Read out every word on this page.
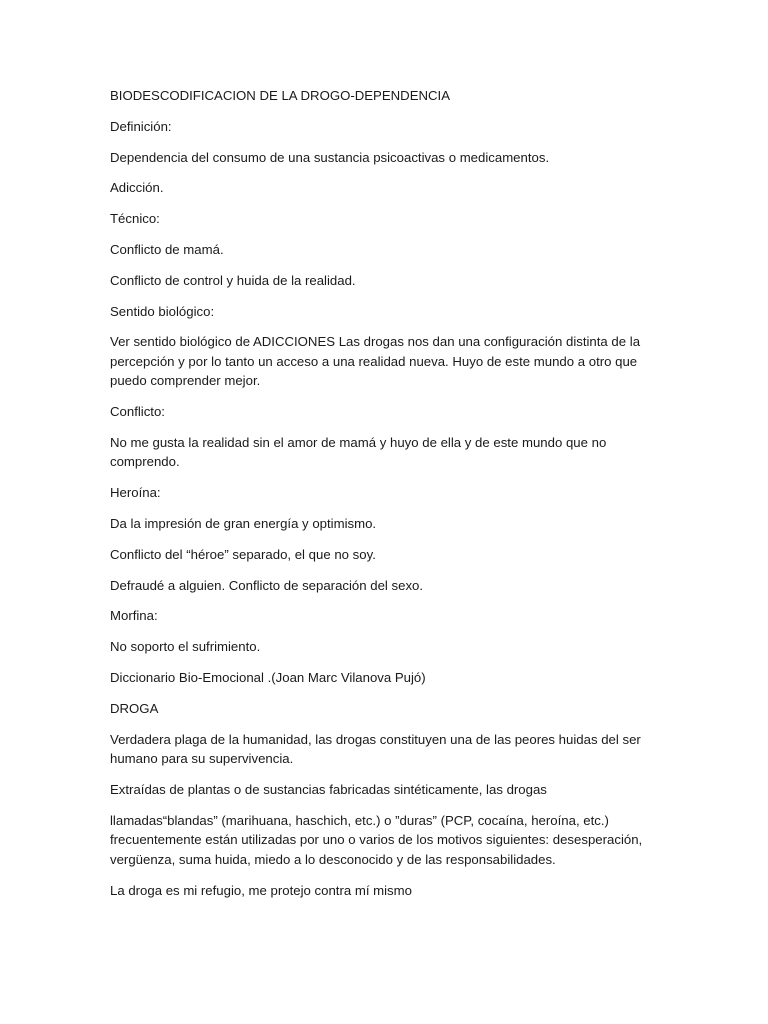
BIODESCODIFICACION DE LA DROGO-DEPENDENCIA

Definición:

Dependencia del consumo de una sustancia psicoactivas o medicamentos.

Adicción.

Técnico:

Conflicto de mamá.

Conflicto de control y huida de la realidad.

Sentido biológico:

Ver sentido biológico de ADICCIONES Las drogas nos dan una configuración distinta de la percepción y por lo tanto un acceso a una realidad nueva. Huyo de este mundo a otro que puedo comprender mejor.

Conflicto:

No me gusta la realidad sin el amor de mamá y huyo de ella y de este mundo que no comprendo.

Heroína:

Da la impresión de gran energía y optimismo.

Conflicto del “héroe” separado, el que no soy.

Defraudé a alguien. Conflicto de separación del sexo.

Morfina:

No soporto el sufrimiento.

Diccionario Bio-Emocional .(Joan Marc Vilanova Pujó)

DROGA

Verdadera plaga de la humanidad, las drogas constituyen una de las peores huidas del ser humano para su supervivencia.

Extraídas de plantas o de sustancias fabricadas sintéticamente, las drogas

llamadas“blandas” (marihuana, haschich, etc.) o ”duras” (PCP, cocaína, heroína, etc.) frecuentemente están utilizadas por uno o varios de los motivos siguientes: desesperación, vergüenza, suma huida, miedo a lo desconocido y de las responsabilidades.

La droga es mi refugio, me protejo contra mí mismo
